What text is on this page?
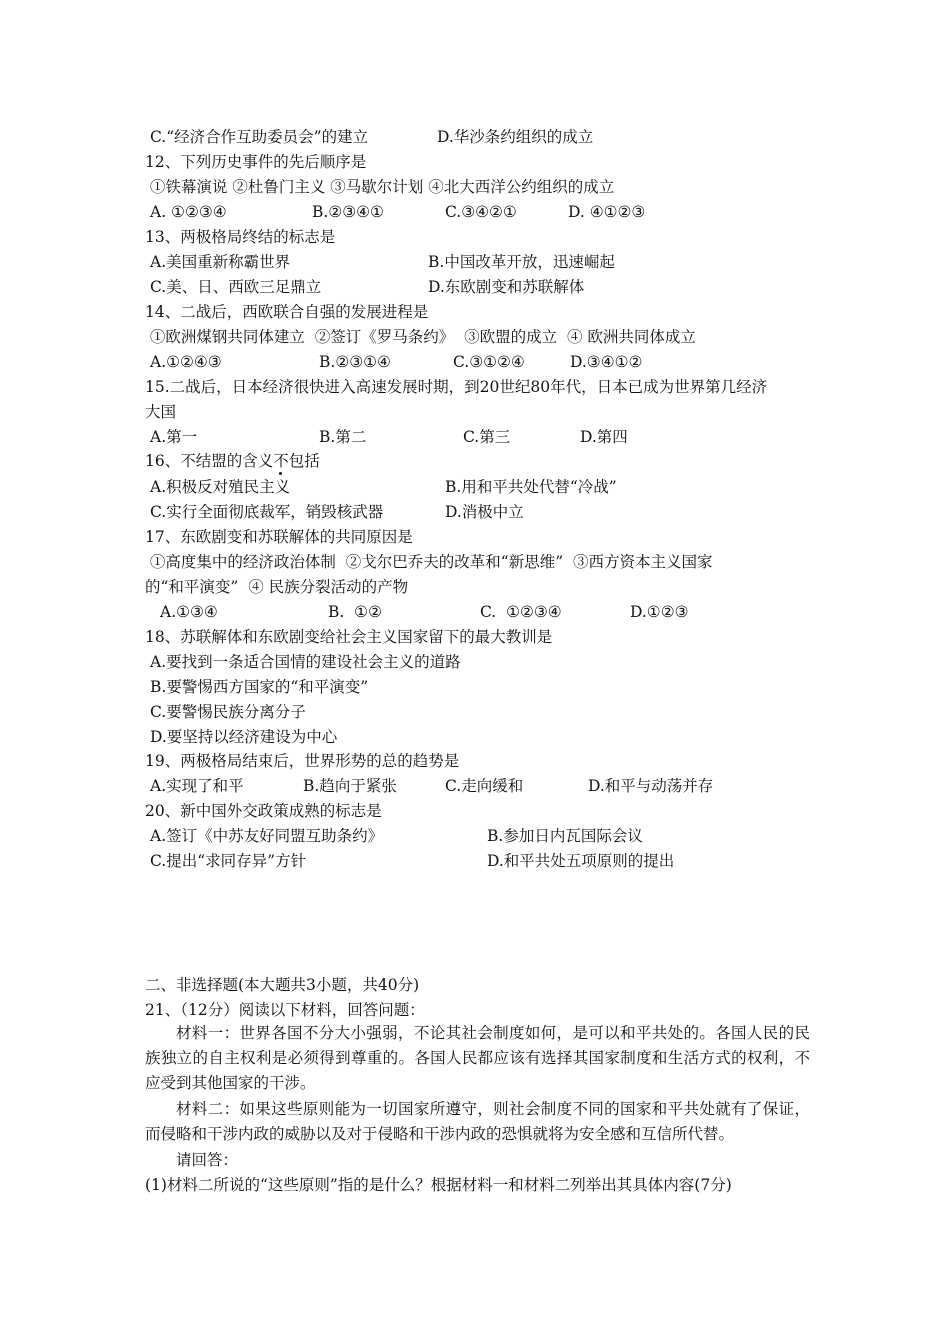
C.“经济合作互助委员会”的建立	D.华沙条约组织的成立
12、下列历史事件的先后顺序是
①铁幕演说 ②杜鲁门主义 ③马歇尔计划 ④北大西洋公约组织的成立
A. ①②③④	B.②③④①	C.③④②①	D. ④①②③
13、两极格局终结的标志是
A.美国重新称霸世界	B.中国改革开放，迅速崛起
C.美、日、西欧三足鼎立	D.东欧剧变和苏联解体
14、二战后，西欧联合自强的发展进程是
①欧洲煤钢共同体建立  ②签订《罗马条约》  ③欧盟的成立  ④ 欧洲共同体成立
A.①②④③	B.②③①④	C.③①②④	D.③④①②
15.二战后，日本经济很快进入高速发展时期，到20世纪80年代，日本已成为世界第几经济
大国
A.第一	B.第二	C.第三	D.第四
16、不结盟的含义不包括
A.积极反对殖民主义	B.用和平共处代替“冷战”
C.实行全面彻底裁军，销毁核武器	D.消极中立
17、东欧剧变和苏联解体的共同原因是
①高度集中的经济政治体制  ②戈尔巴乔夫的改革和“新思维”  ③西方资本主义国家
的“和平演变”  ④ 民族分裂活动的产物
A.①③④	B.  ①②	C.  ①②③④	D.①②③
18、苏联解体和东欧剧变给社会主义国家留下的最大教训是
A.要找到一条适合国情的建设社会主义的道路
B.要警惕西方国家的“和平演变”
C.要警惕民族分离分子
D.要坚持以经济建设为中心
19、两极格局结束后，世界形势的总的趋势是
A.实现了和平	B.趋向于紧张	C.走向缓和	D.和平与动荡并存
20、新中国外交政策成熟的标志是
A.签订《中苏友好同盟互助条约》	B.参加日内瓦国际会议
C.提出“求同存异”方针	D.和平共处五项原则的提出
二、非选择题(本大题共3小题，共40分)
21、（12分）阅读以下材料，回答问题：
材料一：世界各国不分大小强弱，不论其社会制度如何，是可以和平共处的。各国人民的民族独立的自主权利是必须得到尊重的。各国人民都应该有选择其国家制度和生活方式的权利，不应受到其他国家的干涉。
材料二：如果这些原则能为一切国家所遵守，则社会制度不同的国家和平共处就有了保证，而侵略和干涉内政的威胁以及对于侵略和干涉内政的恐惧就将为安全感和互信所代替。
请回答：
(1)材料二所说的“这些原则”指的是什么？根据材料一和材料二列举出其具体内容(7分)
